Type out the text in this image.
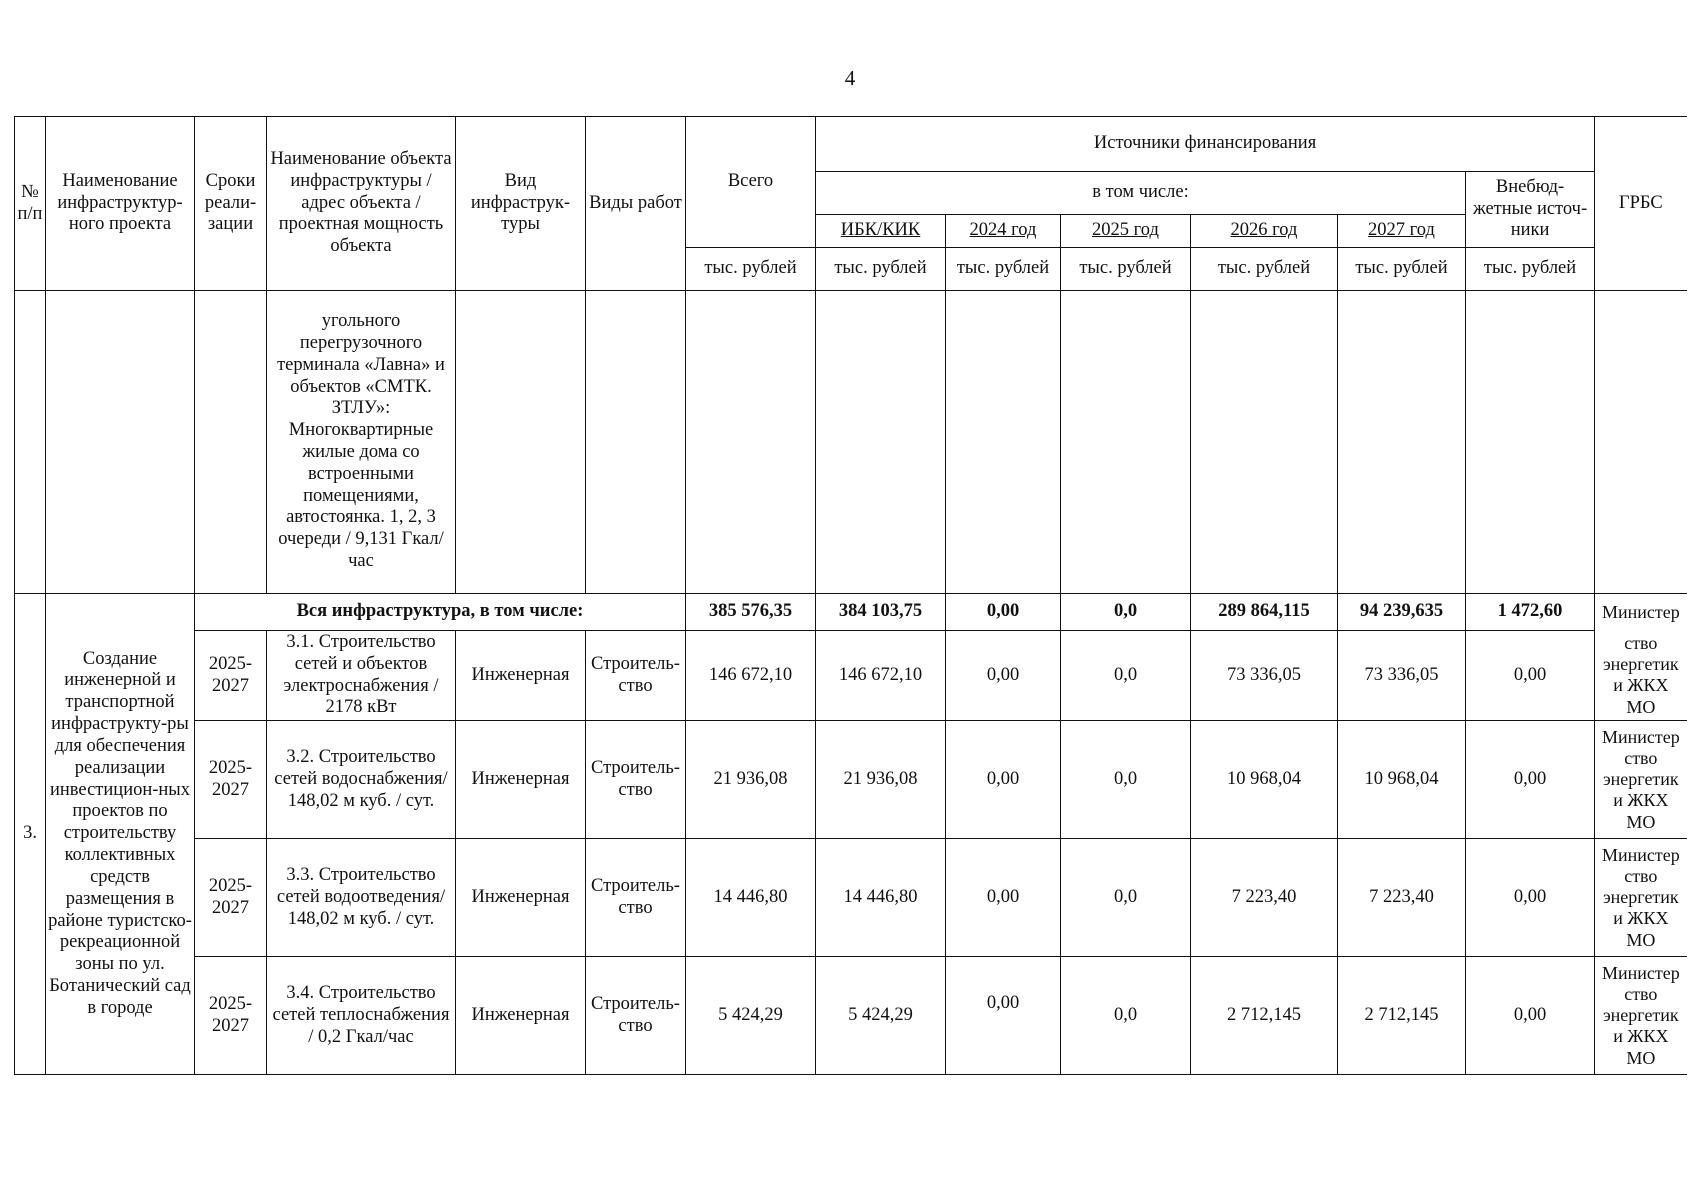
4
№ п/п	Наименование инфраструктур-ного проекта	Сроки реали-зации	Наименование объекта инфраструктуры / адрес объекта / проектная мощность объекта	Вид инфраструк-туры	Виды работ	Всего	Источники финансирования						ГРБС
							в том числе:					Внебюд-жетные источ-ники	
							ИБК/КИК	2024 год	2025 год	2026 год	2027 год		
						тыс. рублей	тыс. рублей	тыс. рублей	тыс. рублей	тыс. рублей	тыс. рублей	тыс. рублей	
			угольного перегрузочного терминала «Лавна» и объектов «СМТК. ЗТЛУ»: Многоквартирные жилые дома со встроенными помещениями, автостоянка. 1, 2, 3 очереди / 9,131 Гкал/час										
3.	Создание инженерной и транспортной инфраструкту-ры для обеспечения реализации инвестицион-ных проектов по строительству коллективных средств размещения в районе туристско-рекреационной зоны по ул. Ботанический сад в городе	Вся инфраструктура, в том числе:				385 576,35	384 103,75	0,00	0,0	289 864,115	94 239,635	1 472,60	Министер
		2025-2027	3.1. Строительство сетей и объектов электроснабжения / 2178 кВт	Инженерная	Строитель-ство	146 672,10	146 672,10	0,00	0,0	73 336,05	73 336,05	0,00	ство энергетик и ЖКХ МО
		2025-2027	3.2. Строительство сетей водоснабжения/ 148,02 м куб. / сут.	Инженерная	Строитель-ство	21 936,08	21 936,08	0,00	0,0	10 968,04	10 968,04	0,00	Министер ство энергетик и ЖКХ МО
		2025-2027	3.3. Строительство сетей водоотведения/ 148,02 м куб. / сут.	Инженерная	Строитель-ство	14 446,80	14 446,80	0,00	0,0	7 223,40	7 223,40	0,00	Министер ство энергетик и ЖКХ МО
		2025-2027	3.4. Строительство сетей теплоснабжения / 0,2 Гкал/час	Инженерная	Строитель-ство	5 424,29	5 424,29	0,00	0,0	2 712,145	2 712,145	0,00	Министер ство энергетик и ЖКХ МО
